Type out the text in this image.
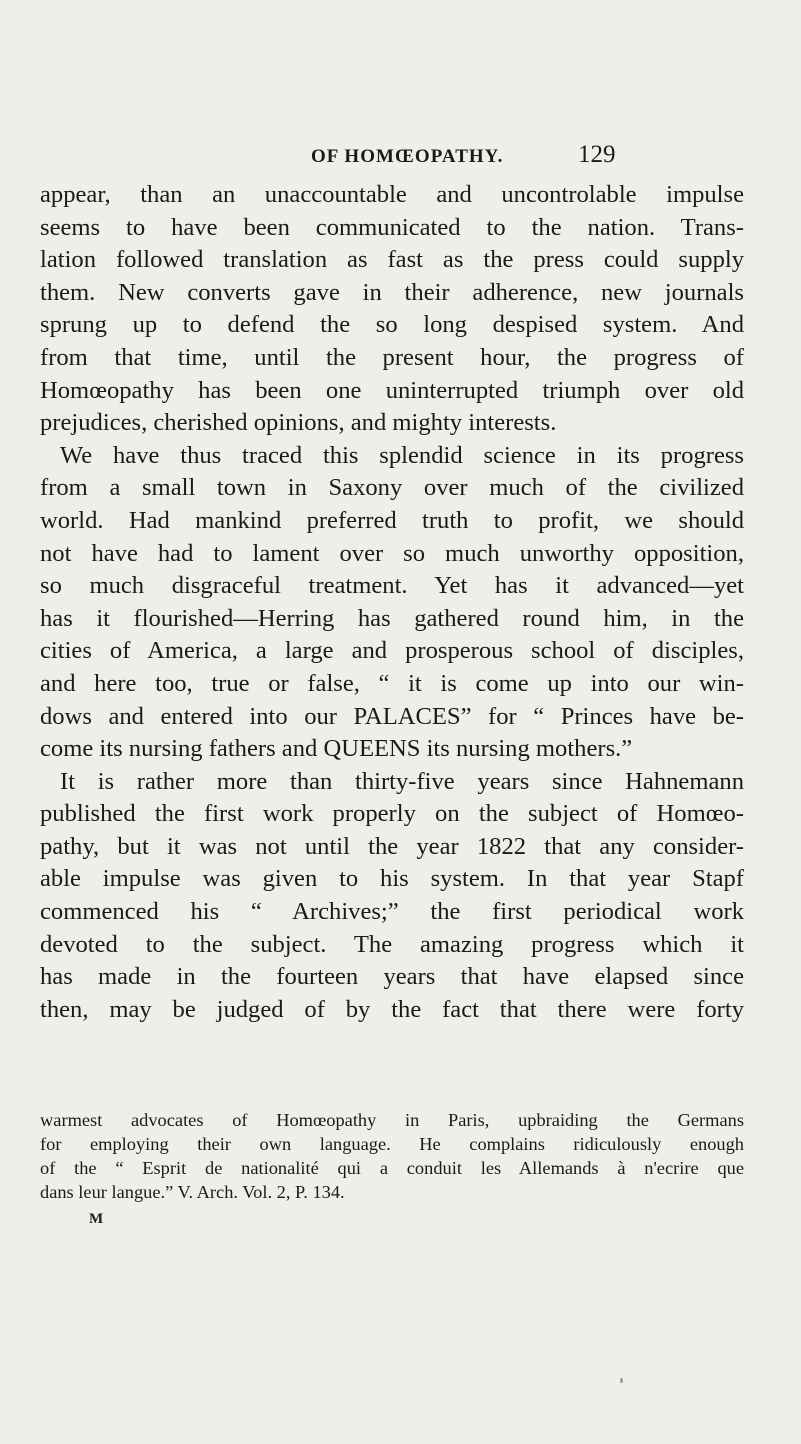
OF HOMŒOPATHY.	129
appear, than an unaccountable and uncontrolable impulse
seems to have been communicated to the nation. Trans-
lation followed translation as fast as the press could supply
them. New converts gave in their adherence, new journals
sprung up to defend the so long despised system. And
from that time, until the present hour, the progress of
Homœopathy has been one uninterrupted triumph over old
prejudices, cherished opinions, and mighty interests.
We have thus traced this splendid science in its progress
from a small town in Saxony over much of the civilized
world. Had mankind preferred truth to profit, we should
not have had to lament over so much unworthy opposition,
so much disgraceful treatment. Yet has it advanced—yet
has it flourished—Herring has gathered round him, in the
cities of America, a large and prosperous school of disciples,
and here too, true or false, “ it is come up into our win-
dows and entered into our PALACES” for “ Princes have be-
come its nursing fathers and QUEENS its nursing mothers.”
It is rather more than thirty-five years since Hahnemann
published the first work properly on the subject of Homœo-
pathy, but it was not until the year 1822 that any consider-
able impulse was given to his system. In that year Stapf
commenced his “ Archives;” the first periodical work
devoted to the subject. The amazing progress which it
has made in the fourteen years that have elapsed since
then, may be judged of by the fact that there were forty
warmest advocates of Homœopathy in Paris, upbraiding the Germans
for employing their own language. He complains ridiculously enough
of the “ Esprit de nationalité qui a conduit les Allemands à n'ecrire que
dans leur langue.” V. Arch. Vol. 2, P. 134.
M
